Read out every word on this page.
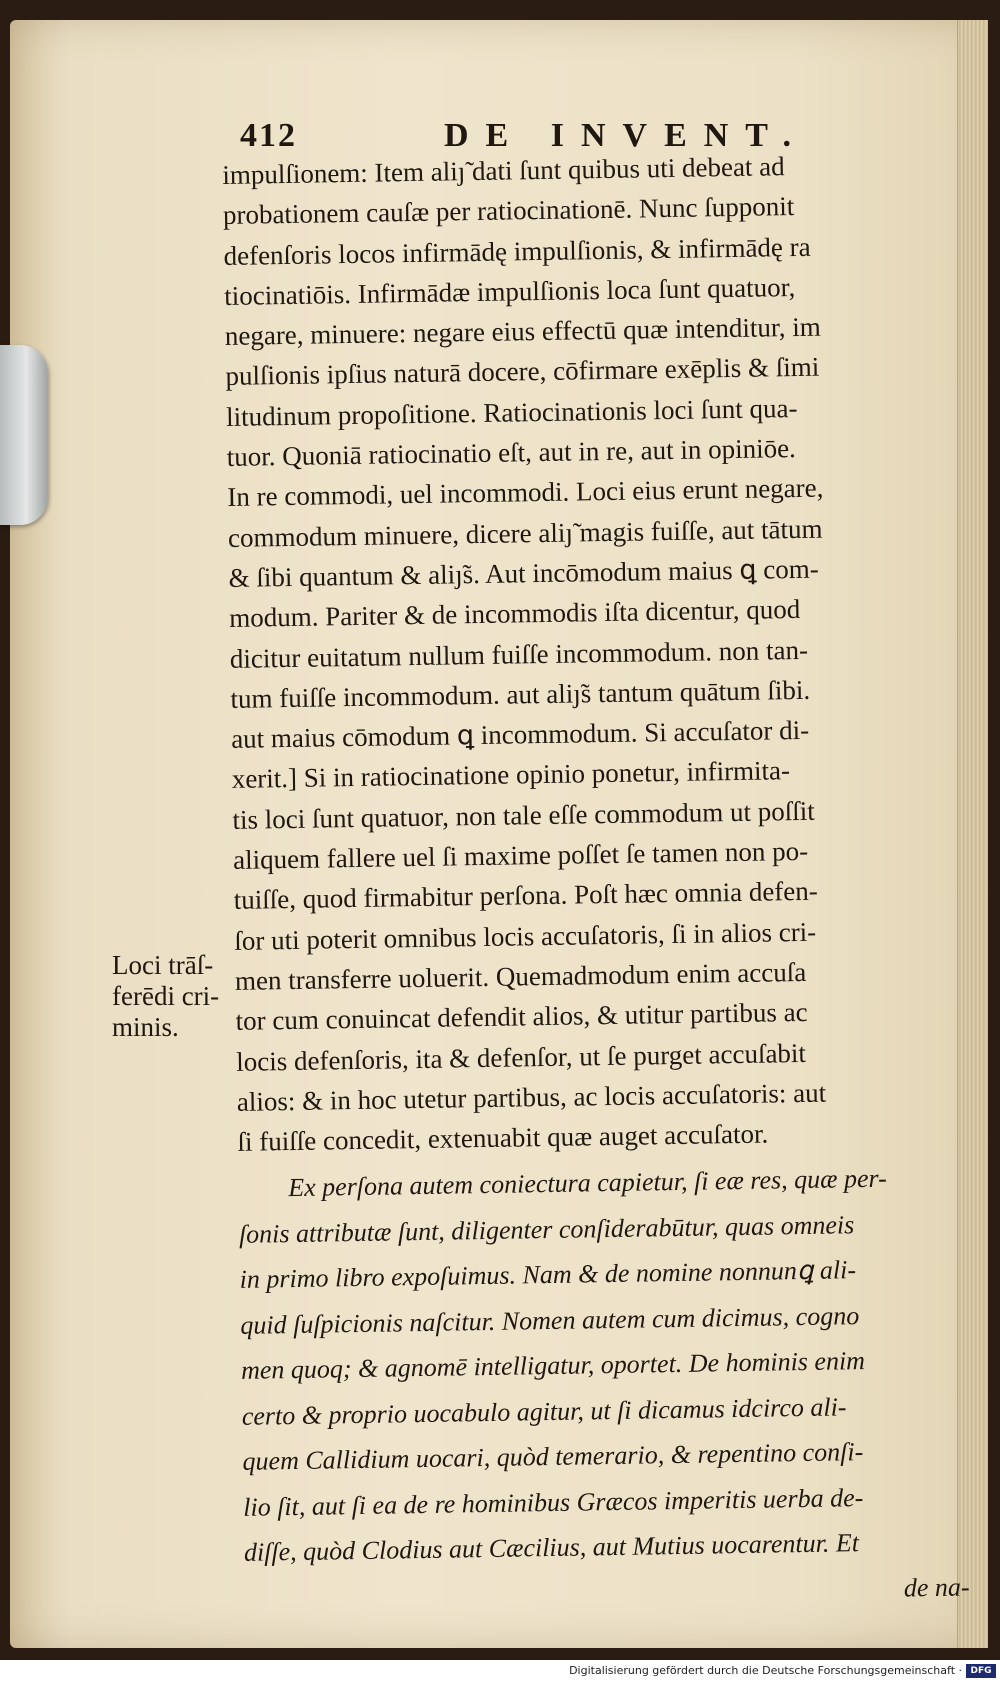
412	DE INVENT.
impulſionem: Item aliȷ̃ dati ſunt quibus uti debeat ad
probationem cauſæ per ratiocinationē. Nunc ſupponit
defenſoris locos infirmādę impulſionis, & infirmādę ra
tiocinatiōis. Infirmādæ impulſionis loca ſunt quatuor,
negare, minuere: negare eius effectū quæ intenditur, im
pulſionis ipſius naturā docere, cōfirmare exēplis & ſimi
litudinum propoſitione. Ratiocinationis loci ſunt qua-
tuor. Quoniā ratiocinatio eſt, aut in re, aut in opiniōe.
In re commodi, uel incommodi. Loci eius erunt negare,
commodum minuere, dicere aliȷ̃ magis fuiſſe, aut tātum
& ſibi quantum & aliȷ̃s. Aut incōmodum maius ꝗ com-
modum. Pariter & de incommodis iſta dicentur, quod
dicitur euitatum nullum fuiſſe incommodum. non tan-
tum fuiſſe incommodum. aut aliȷ̃s tantum quātum ſibi.
aut maius cōmodum ꝗ incommodum. Si accuſator di-
xerit.] Si in ratiocinatione opinio ponetur, infirmita-
tis loci ſunt quatuor, non tale eſſe commodum ut poſſit
aliquem fallere uel ſi maxime poſſet ſe tamen non po-
tuiſſe, quod firmabitur perſona. Poſt hæc omnia defen-
ſor uti poterit omnibus locis accuſatoris, ſi in alios cri-
men transferre uoluerit. Quemadmodum enim accuſa
tor cum conuincat defendit alios, & utitur partibus ac
locis defenſoris, ita & defenſor, ut ſe purget accuſabit
alios: & in hoc utetur partibus, ac locis accuſatoris: aut
ſi fuiſſe concedit, extenuabit quæ auget accuſator.
Ex perſona autem coniectura capietur, ſi eæ res, quæ per-
ſonis attributæ ſunt, diligenter conſiderabūtur, quas omneis
in primo libro expoſuimus. Nam & de nomine nonnunꝗ ali-
quid ſuſpicionis naſcitur. Nomen autem cum dicimus, cogno
men quoq; & agnomē intelligatur, oportet. De hominis enim
certo & proprio uocabulo agitur, ut ſi dicamus idcirco ali-
quem Callidium uocari, quòd temerario, & repentino conſi-
lio ſit, aut ſi ea de re hominibus Græcos imperitis uerba de-
diſſe, quòd Clodius aut Cæcilius, aut Mutius uocarentur. Et
de na-
Loci trāſ-
ferēdi cri-
minis.
Digitalisierung gefördert durch die Deutsche Forschungsgemeinschaft · DFG
